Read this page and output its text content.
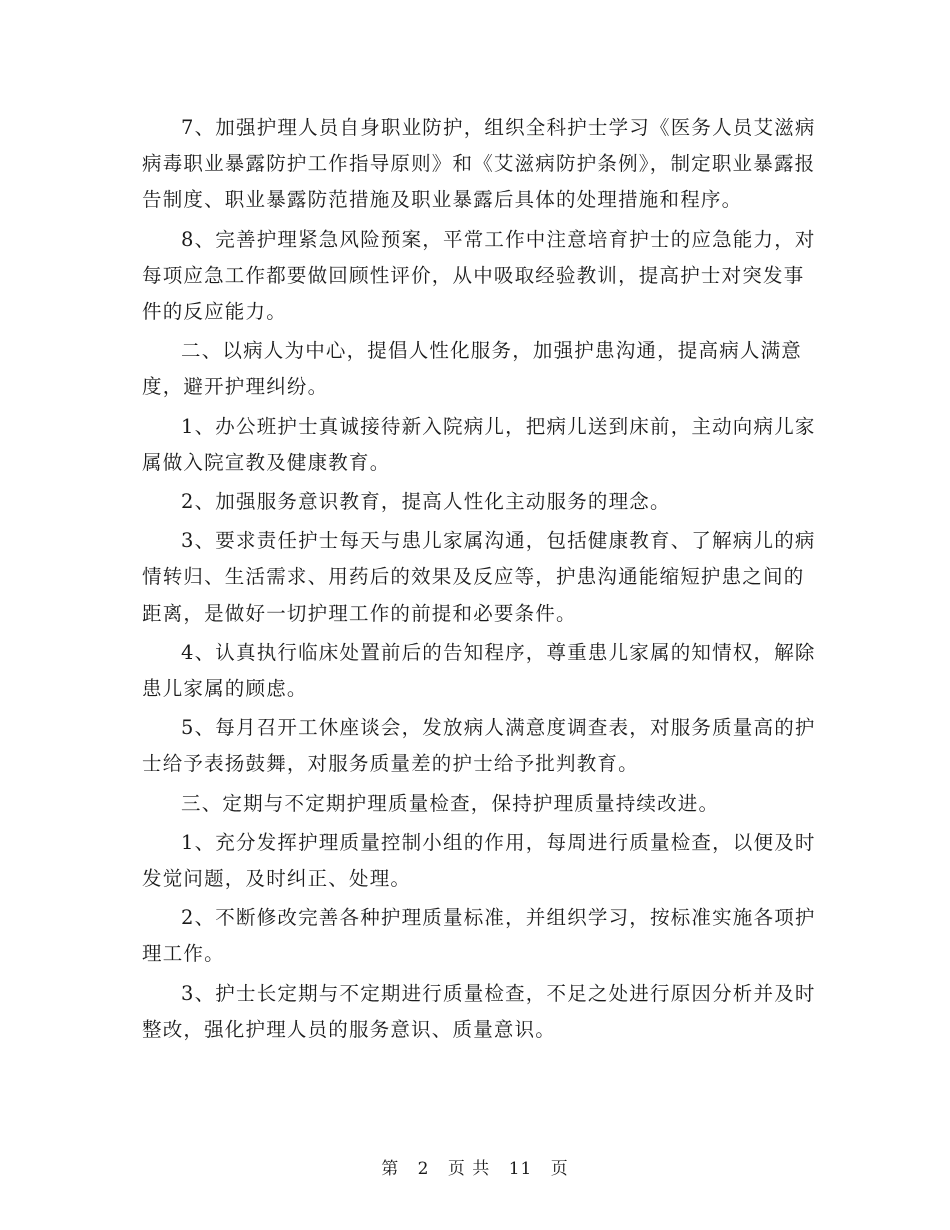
7、加强护理人员自身职业防护，组织全科护士学习《医务人员艾滋病病毒职业暴露防护工作指导原则》和《艾滋病防护条例》，制定职业暴露报告制度、职业暴露防范措施及职业暴露后具体的处理措施和程序。

8、完善护理紧急风险预案，平常工作中注意培育护士的应急能力，对每项应急工作都要做回顾性评价，从中吸取经验教训，提高护士对突发事件的反应能力。

二、以病人为中心，提倡人性化服务，加强护患沟通，提高病人满意度，避开护理纠纷。

1、办公班护士真诚接待新入院病儿，把病儿送到床前，主动向病儿家属做入院宣教及健康教育。

2、加强服务意识教育，提高人性化主动服务的理念。

3、要求责任护士每天与患儿家属沟通，包括健康教育、了解病儿的病情转归、生活需求、用药后的效果及反应等，护患沟通能缩短护患之间的距离，是做好一切护理工作的前提和必要条件。

4、认真执行临床处置前后的告知程序，尊重患儿家属的知情权，解除患儿家属的顾虑。

5、每月召开工休座谈会，发放病人满意度调查表，对服务质量高的护士给予表扬鼓舞，对服务质量差的护士给予批判教育。

三、定期与不定期护理质量检查，保持护理质量持续改进。

1、充分发挥护理质量控制小组的作用，每周进行质量检查，以便及时发觉问题，及时纠正、处理。

2、不断修改完善各种护理质量标准，并组织学习，按标准实施各项护理工作。

3、护士长定期与不定期进行质量检查，不足之处进行原因分析并及时整改，强化护理人员的服务意识、质量意识。

第 2 页 共 11 页
